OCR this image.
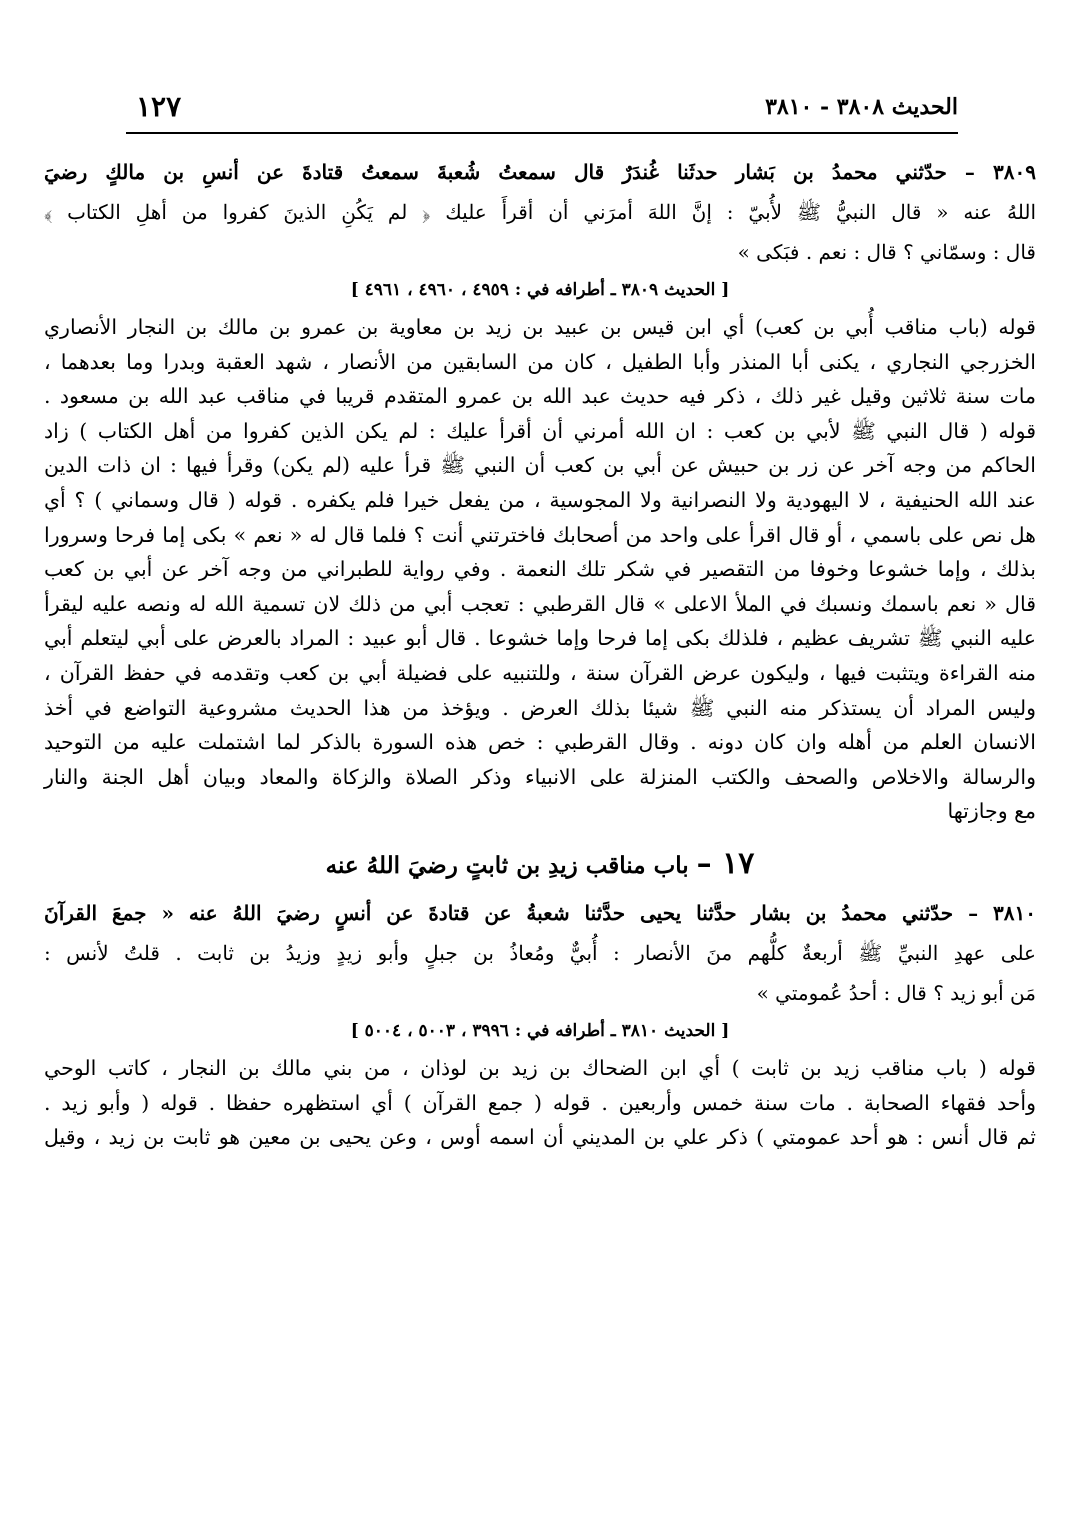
الحديث ٣٨٠٨ - ٣٨١٠
١٢٧
٣٨٠٩ – حدّثني محمدُ بن بَشار حدثَنا غُندَرٌ قال سمعتُ شُعبةَ سمعتُ قتادةَ عن أنسِ بن مالكٍ رضيَ
اللهُ عنه « قال النبيُّ ﷺ لأُبيّ : إنَّ اللهَ أمرَني أن أقرأَ عليك ﴿ لم يَكُنِ الذينَ كفروا من أهلِ الكتاب ﴾
قال : وسمّاني ؟ قال : نعم . فبَكى »
[ الحديث ٣٨٠٩ ـ أطرافه في : ٤٩٥٩ ، ٤٩٦٠ ، ٤٩٦١ ]
قوله (باب مناقب أُبي بن كعب) أي ابن قيس بن عبيد بن زيد بن معاوية بن عمرو بن مالك بن النجار الأنصاري
الخزرجي النجاري ، يكنى أبا المنذر وأبا الطفيل ، كان من السابقين من الأنصار ، شهد العقبة وبدرا وما بعدهما ،
مات سنة ثلاثين وقيل غير ذلك ، ذكر فيه حديث عبد الله بن عمرو المتقدم قريبا في مناقب عبد الله بن مسعود .
قوله ( قال النبي ﷺ لأبي بن كعب : ان الله أمرني أن أقرأ عليك : لم يكن الذين كفروا من أهل الكتاب ) زاد
الحاكم من وجه آخر عن زر بن حبيش عن أبي بن كعب أن النبي ﷺ قرأ عليه (لم يكن) وقرأ فيها : ان ذات الدين
عند الله الحنيفية ، لا اليهودية ولا النصرانية ولا المجوسية ، من يفعل خيرا فلم يكفره . قوله ( قال وسماني ) ؟ أي
هل نص على باسمي ، أو قال اقرأ على واحد من أصحابك فاخترتني أنت ؟ فلما قال له « نعم » بكى إما فرحا وسرورا
بذلك ، وإما خشوعا وخوفا من التقصير في شكر تلك النعمة . وفي رواية للطبراني من وجه آخر عن أبي بن كعب
قال « نعم باسمك ونسبك في الملأ الاعلى » قال القرطبي : تعجب أبي من ذلك لان تسمية الله له ونصه عليه ليقرأ
عليه النبي ﷺ تشريف عظيم ، فلذلك بكى إما فرحا وإما خشوعا . قال أبو عبيد : المراد بالعرض على أبي ليتعلم أبي
منه القراءة ويتثبت فيها ، وليكون عرض القرآن سنة ، وللتنبيه على فضيلة أبي بن كعب وتقدمه في حفظ القرآن ،
وليس المراد أن يستذكر منه النبي ﷺ شيئا بذلك العرض . ويؤخذ من هذا الحديث مشروعية التواضع في أخذ
الانسان العلم من أهله وان كان دونه . وقال القرطبي : خص هذه السورة بالذكر لما اشتملت عليه من التوحيد
والرسالة والاخلاص والصحف والكتب المنزلة على الانبياء وذكر الصلاة والزكاة والمعاد وبيان أهل الجنة والنار
مع وجازتها
١٧ – باب مناقب زيدِ بن ثابتٍ رضيَ اللهُ عنه
٣٨١٠ – حدّثني محمدُ بن بشار حدَّثنا يحيى حدَّثنا شعبةُ عن قتادةَ عن أنسٍ رضيَ اللهُ عنه « جمعَ القرآنَ
على عهدِ النبيِّ ﷺ أربعةٌ كلُّهم منَ الأنصار : أُبيٌّ ومُعاذُ بن جبلٍ وأبو زيدٍ وزيدُ بن ثابت . قلتُ لأنس :
مَن أبو زيد ؟ قال : أحدُ عُمومتي »
[ الحديث ٣٨١٠ ـ أطرافه في : ٣٩٩٦ ، ٥٠٠٣ ، ٥٠٠٤ ]
قوله ( باب مناقب زيد بن ثابت ) أي ابن الضحاك بن زيد بن لوذان ، من بني مالك بن النجار ، كاتب الوحي
وأحد فقهاء الصحابة . مات سنة خمس وأربعين . قوله ( جمع القرآن ) أي استظهره حفظا . قوله ( وأبو زيد .
ثم قال أنس : هو أحد عمومتي ) ذكر علي بن المديني أن اسمه أوس ، وعن يحيى بن معين هو ثابت بن زيد ، وقيل
